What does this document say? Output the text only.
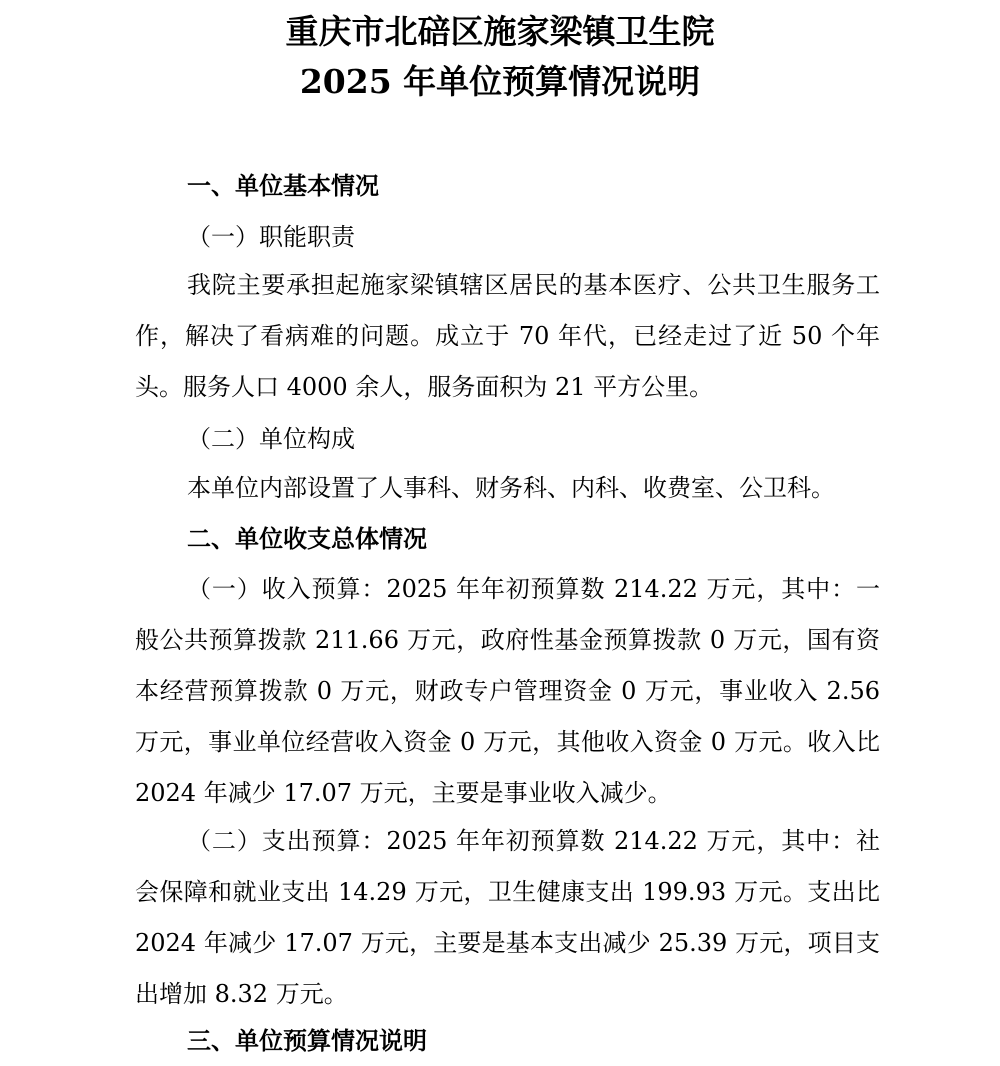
重庆市北碚区施家梁镇卫生院
2025 年单位预算情况说明
一、单位基本情况
（一）职能职责
我院主要承担起施家梁镇辖区居民的基本医疗、公共卫生服务工作，解决了看病难的问题。成立于 70 年代，已经走过了近 50 个年头。服务人口 4000 余人，服务面积为 21 平方公里。
（二）单位构成
本单位内部设置了人事科、财务科、内科、收费室、公卫科。
二、单位收支总体情况
（一）收入预算：2025 年年初预算数 214.22 万元，其中：一般公共预算拨款 211.66 万元，政府性基金预算拨款 0 万元，国有资本经营预算拨款 0 万元，财政专户管理资金 0 万元，事业收入 2.56 万元，事业单位经营收入资金 0 万元，其他收入资金 0 万元。收入比 2024 年减少 17.07 万元，主要是事业收入减少。
（二）支出预算：2025 年年初预算数 214.22 万元，其中：社会保障和就业支出 14.29 万元，卫生健康支出 199.93 万元。支出比 2024 年减少 17.07 万元，主要是基本支出减少 25.39 万元，项目支出增加 8.32 万元。
三、单位预算情况说明
